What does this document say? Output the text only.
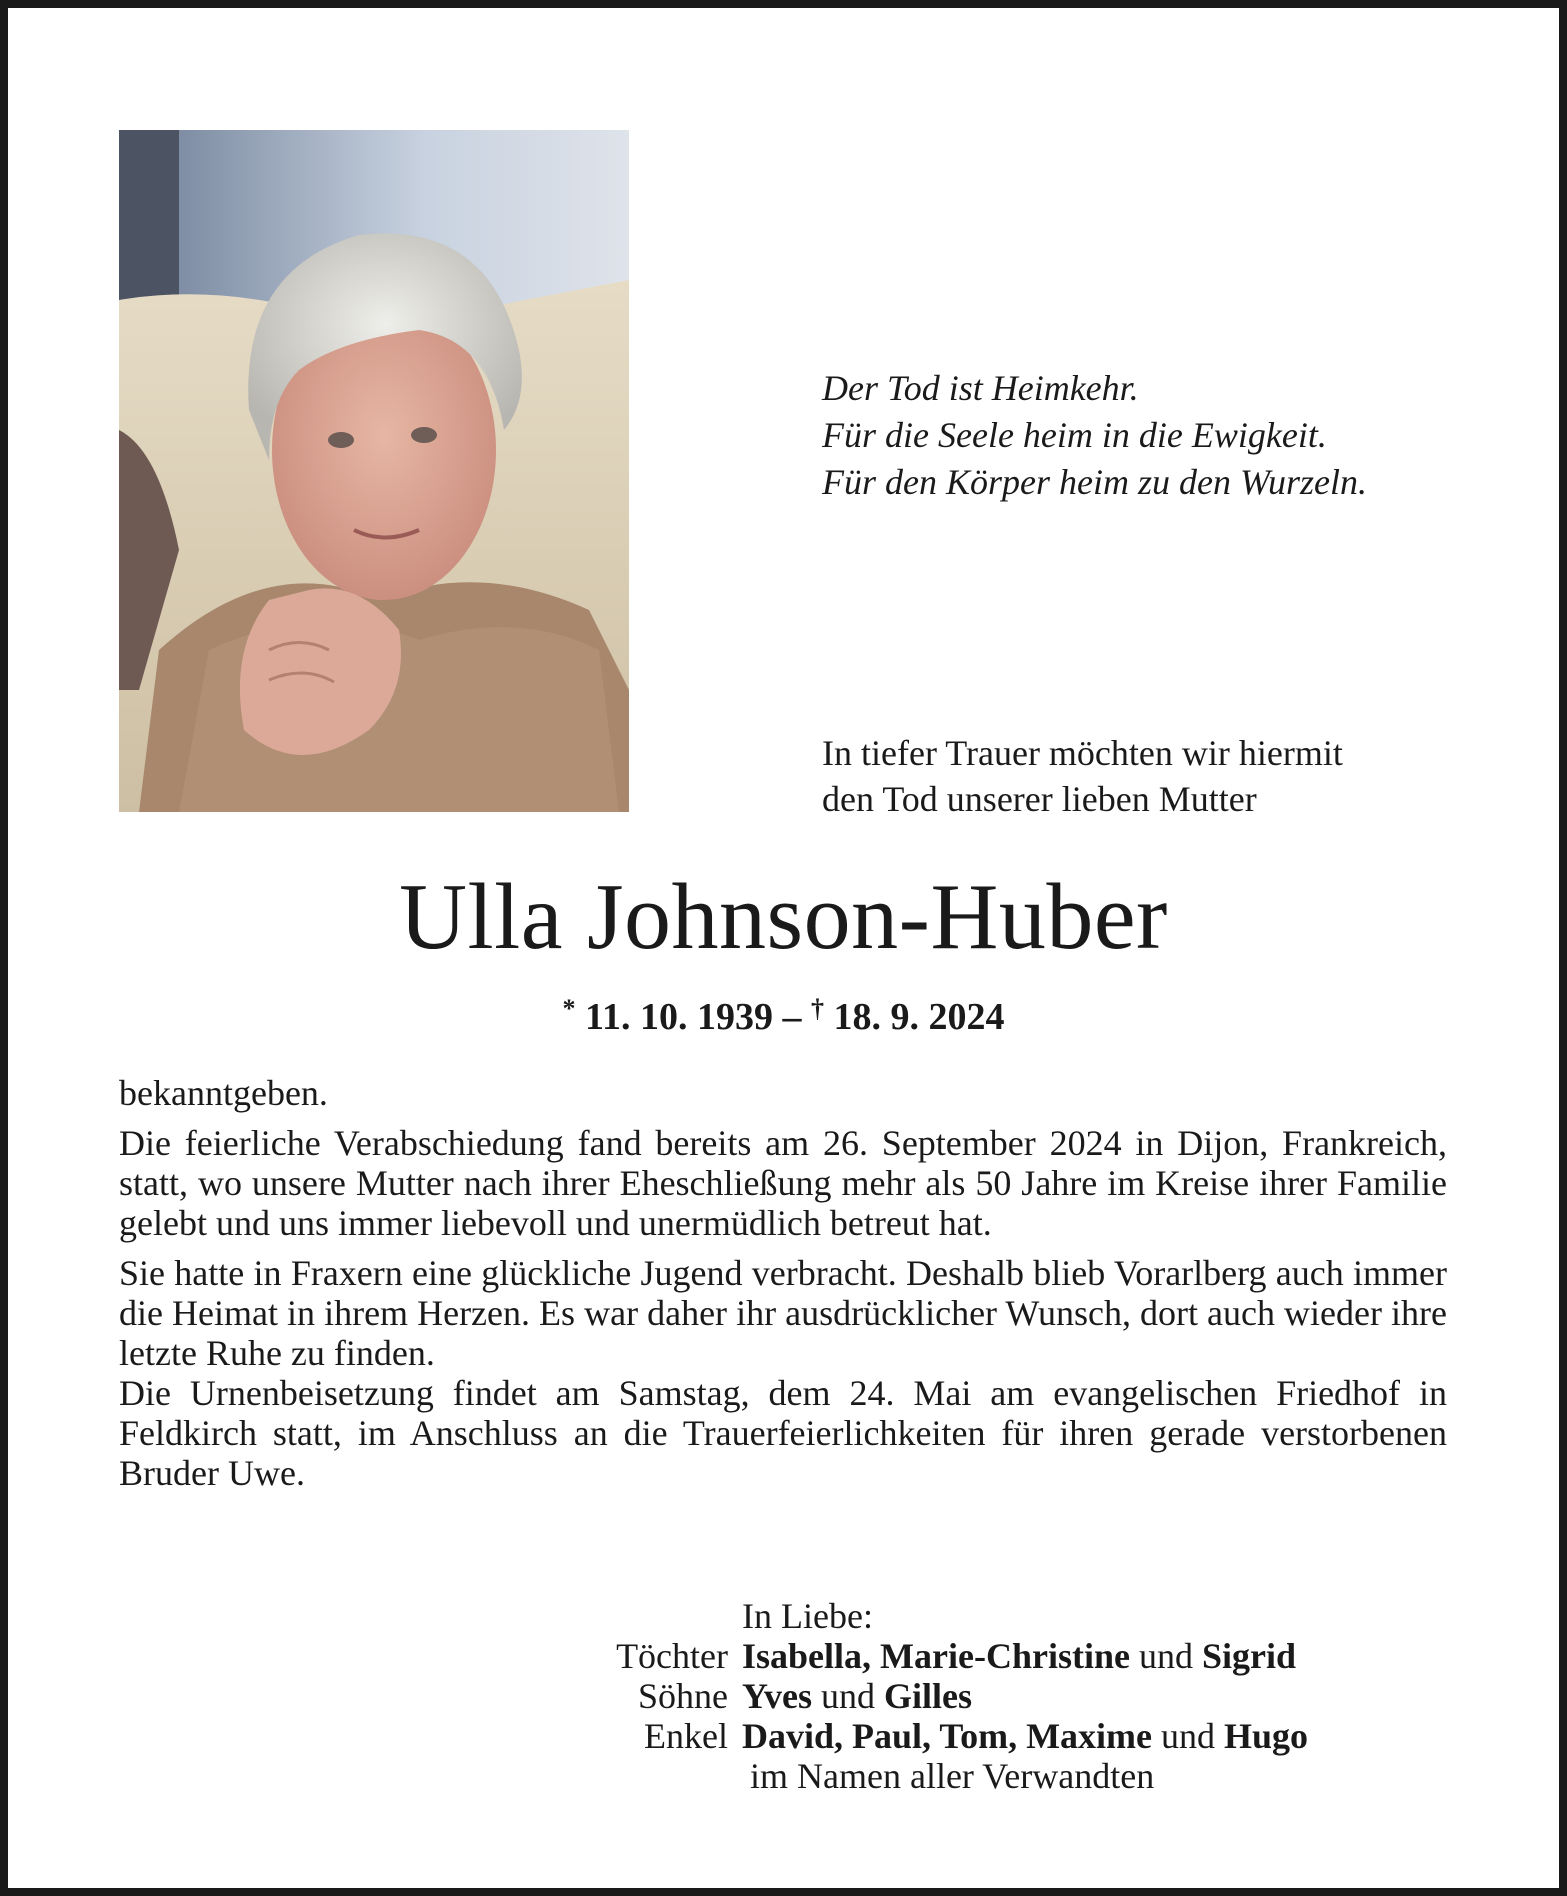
Der Tod ist Heimkehr.
Für die Seele heim in die Ewigkeit.
Für den Körper heim zu den Wurzeln.
In tiefer Trauer möchten wir hiermit
den Tod unserer lieben Mutter
Ulla Johnson-Huber
* 11. 10. 1939 – † 18. 9. 2024

bekanntgeben.

Die feierliche Verabschiedung fand bereits am 26. September 2024 in Dijon, Frankreich, statt, wo unsere Mutter nach ihrer Eheschließung mehr als 50 Jahre im Kreise ihrer Familie gelebt und uns immer liebevoll und unermüdlich betreut hat.

Sie hatte in Fraxern eine glückliche Jugend verbracht. Deshalb blieb Vorarlberg auch immer die Heimat in ihrem Herzen. Es war daher ihr ausdrücklicher Wunsch, dort auch wieder ihre letzte Ruhe zu finden.

Die Urnenbeisetzung findet am Samstag, dem 24. Mai am evangelischen Friedhof in Feldkirch statt, im Anschluss an die Trauerfeierlichkeiten für ihren gerade verstorbenen Bruder Uwe.

In Liebe:
Töchter Isabella, Marie-Christine und Sigrid
Söhne Yves und Gilles
Enkel David, Paul, Tom, Maxime und Hugo
im Namen aller Verwandten
